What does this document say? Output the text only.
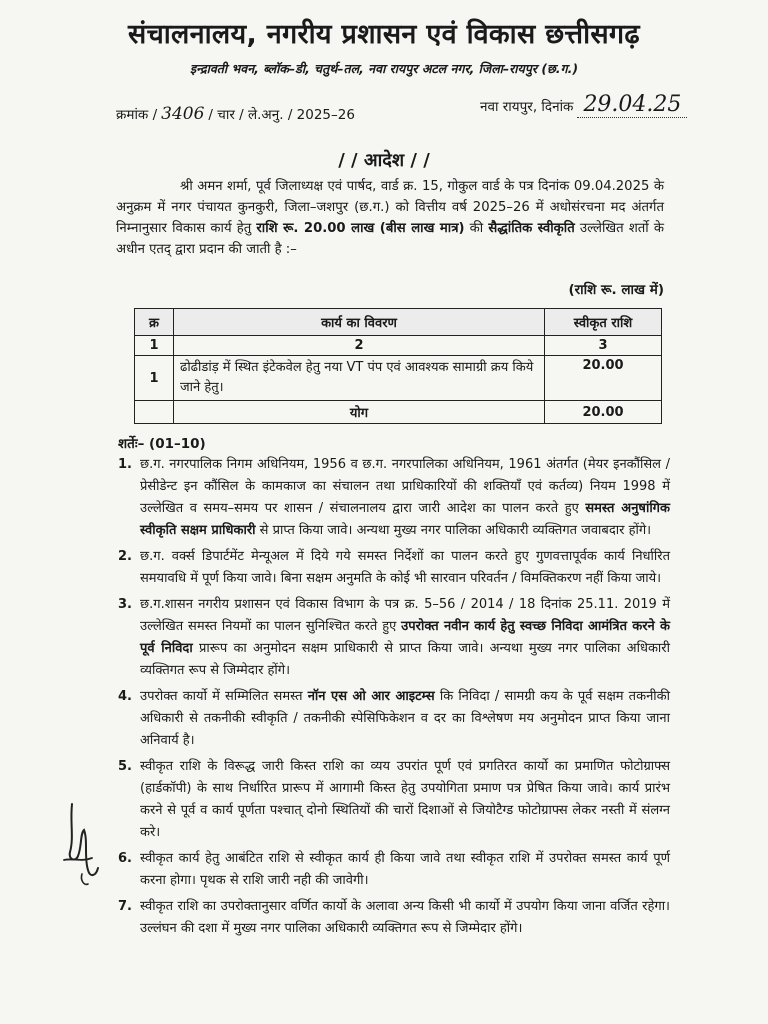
संचालनालय, नगरीय प्रशासन एवं विकास छत्तीसगढ़
इन्द्रावती भवन, ब्लॉक–डी, चतुर्थ–तल, नवा रायपुर अटल नगर, जिला–रायपुर (छ.ग.)
क्रमांक / 3406 / चार / ले.अनु. / 2025–26	नवा रायपुर, दिनांक 29.04.25
/ / आदेश / /
श्री अमन शर्मा, पूर्व जिलाध्यक्ष एवं पार्षद, वार्ड क्र. 15, गोकुल वार्ड के पत्र दिनांक 09.04.2025 के अनुक्रम में नगर पंचायत कुनकुरी, जिला–जशपुर (छ.ग.) को वित्तीय वर्ष 2025–26 में अधोसंरचना मद अंतर्गत निम्नानुसार विकास कार्य हेतु राशि रू. 20.00 लाख (बीस लाख मात्र) की सैद्धांतिक स्वीकृति उल्लेखित शर्तो के अधीन एतद् द्वारा प्रदान की जाती है :–
(राशि रू. लाख में)
क्र	कार्य का विवरण	स्वीकृत राशि
1	2	3
1	ढोढीडांड़ में स्थित इंटेकवेल हेतु नया VT पंप एवं आवश्यक सामाग्री क्रय किये जाने हेतु।	20.00
	योग	20.00
शर्तेः– (01–10)
1. छ.ग. नगरपालिक निगम अधिनियम, 1956 व छ.ग. नगरपालिका अधिनियम, 1961 अंतर्गत (मेयर इनकौंसिल / प्रेसीडेन्ट इन कौंसिल के कामकाज का संचालन तथा प्राधिकारियों की शक्तियाँ एवं कर्तव्य) नियम 1998 में उल्लेखित व समय–समय पर शासन / संचालनालय द्वारा जारी आदेश का पालन करते हुए समस्त अनुषांगिक स्वीकृति सक्षम प्राधिकारी से प्राप्त किया जावे। अन्यथा मुख्य नगर पालिका अधिकारी व्यक्तिगत जवाबदार होंगे।
2. छ.ग. वर्क्स डिपार्टमेंट मेन्यूअल में दिये गये समस्त निर्देशों का पालन करते हुए गुणवत्तापूर्वक कार्य निर्धारित समयावधि में पूर्ण किया जावे। बिना सक्षम अनुमति के कोई भी सारवान परिवर्तन / विमक्तिकरण नहीं किया जाये।
3. छ.ग.शासन नगरीय प्रशासन एवं विकास विभाग के पत्र क्र. 5–56 / 2014 / 18 दिनांक 25.11. 2019 में उल्लेखित समस्त नियमों का पालन सुनिश्चित करते हुए उपरोक्त नवीन कार्य हेतु स्वच्छ निविदा आमंत्रित करने के पूर्व निविदा प्रारूप का अनुमोदन सक्षम प्राधिकारी से प्राप्त किया जावे। अन्यथा मुख्य नगर पालिका अधिकारी व्यक्तिगत रूप से जिम्मेदार होंगे।
4. उपरोक्त कार्यो में सम्मिलित समस्त नॉन एस ओ आर आइटम्स कि निविदा / सामग्री कय के पूर्व सक्षम तकनीकी अधिकारी से तकनीकी स्वीकृति / तकनीकी स्पेसिफिकेशन व दर का विश्लेषण मय अनुमोदन प्राप्त किया जाना अनिवार्य है।
5. स्वीकृत राशि के विरूद्ध जारी किस्त राशि का व्यय उपरांत पूर्ण एवं प्रगतिरत कार्यो का प्रमाणित फोटोग्राफ्स (हार्डकॉपी) के साथ निर्धारित प्रारूप में आगामी किस्त हेतु उपयोगिता प्रमाण पत्र प्रेषित किया जावे। कार्य प्रारंभ करने से पूर्व व कार्य पूर्णता पश्चात् दोनो स्थितियों की चारों दिशाओं से जियोटैग्ड फोटोग्राफ्स लेकर नस्ती में संलग्न करे।
6. स्वीकृत कार्य हेतु आबंटित राशि से स्वीकृत कार्य ही किया जावे तथा स्वीकृत राशि में उपरोक्त समस्त कार्य पूर्ण करना होगा। पृथक से राशि जारी नही की जावेगी।
7. स्वीकृत राशि का उपरोक्तानुसार वर्णित कार्यो के अलावा अन्य किसी भी कार्यो में उपयोग किया जाना वर्जित रहेगा। उल्लंघन की दशा में मुख्य नगर पालिका अधिकारी व्यक्तिगत रूप से जिम्मेदार होंगे।
